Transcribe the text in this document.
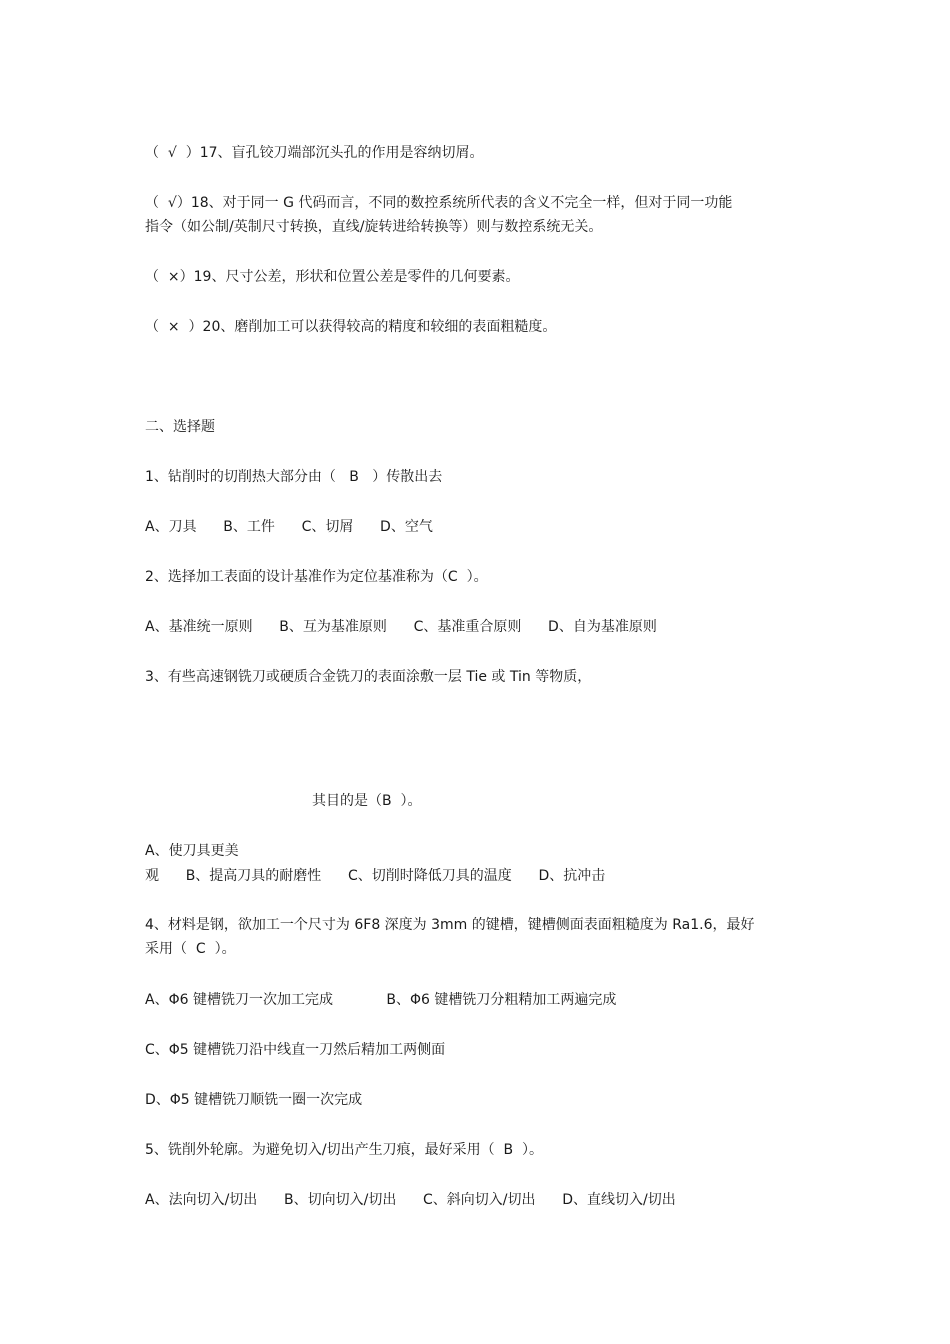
（  √  ）17、盲孔铰刀端部沉头孔的作用是容纳切屑。
（  √）18、对于同一 G 代码而言，不同的数控系统所代表的含义不完全一样，但对于同一功能
指令（如公制/英制尺寸转换，直线/旋转进给转换等）则与数控系统无关。
（  ×）19、尺寸公差，形状和位置公差是零件的几何要素。
（  ×  ）20、磨削加工可以获得较高的精度和较细的表面粗糙度。
二、选择题
1、钻削时的切削热大部分由（   B   ）传散出去
A、刀具      B、工件      C、切屑      D、空气
2、选择加工表面的设计基准作为定位基准称为（C  ）。
A、基准统一原则      B、互为基准原则      C、基准重合原则      D、自为基准原则
3、有些高速钢铣刀或硬质合金铣刀的表面涂敷一层 Tie 或 Tin 等物质，
其目的是（B  ）。
A、使刀具更美
观      B、提高刀具的耐磨性      C、切削时降低刀具的温度      D、抗冲击
4、材料是钢，欲加工一个尺寸为 6F8 深度为 3mm 的键槽，键槽侧面表面粗糙度为 Ra1.6，最好
采用（  C  ）。
A、Φ6 键槽铣刀一次加工完成            B、Φ6 键槽铣刀分粗精加工两遍完成
C、Φ5 键槽铣刀沿中线直一刀然后精加工两侧面
D、Φ5 键槽铣刀顺铣一圈一次完成
5、铣削外轮廓。为避免切入/切出产生刀痕，最好采用（  B  ）。
A、法向切入/切出      B、切向切入/切出      C、斜向切入/切出      D、直线切入/切出
